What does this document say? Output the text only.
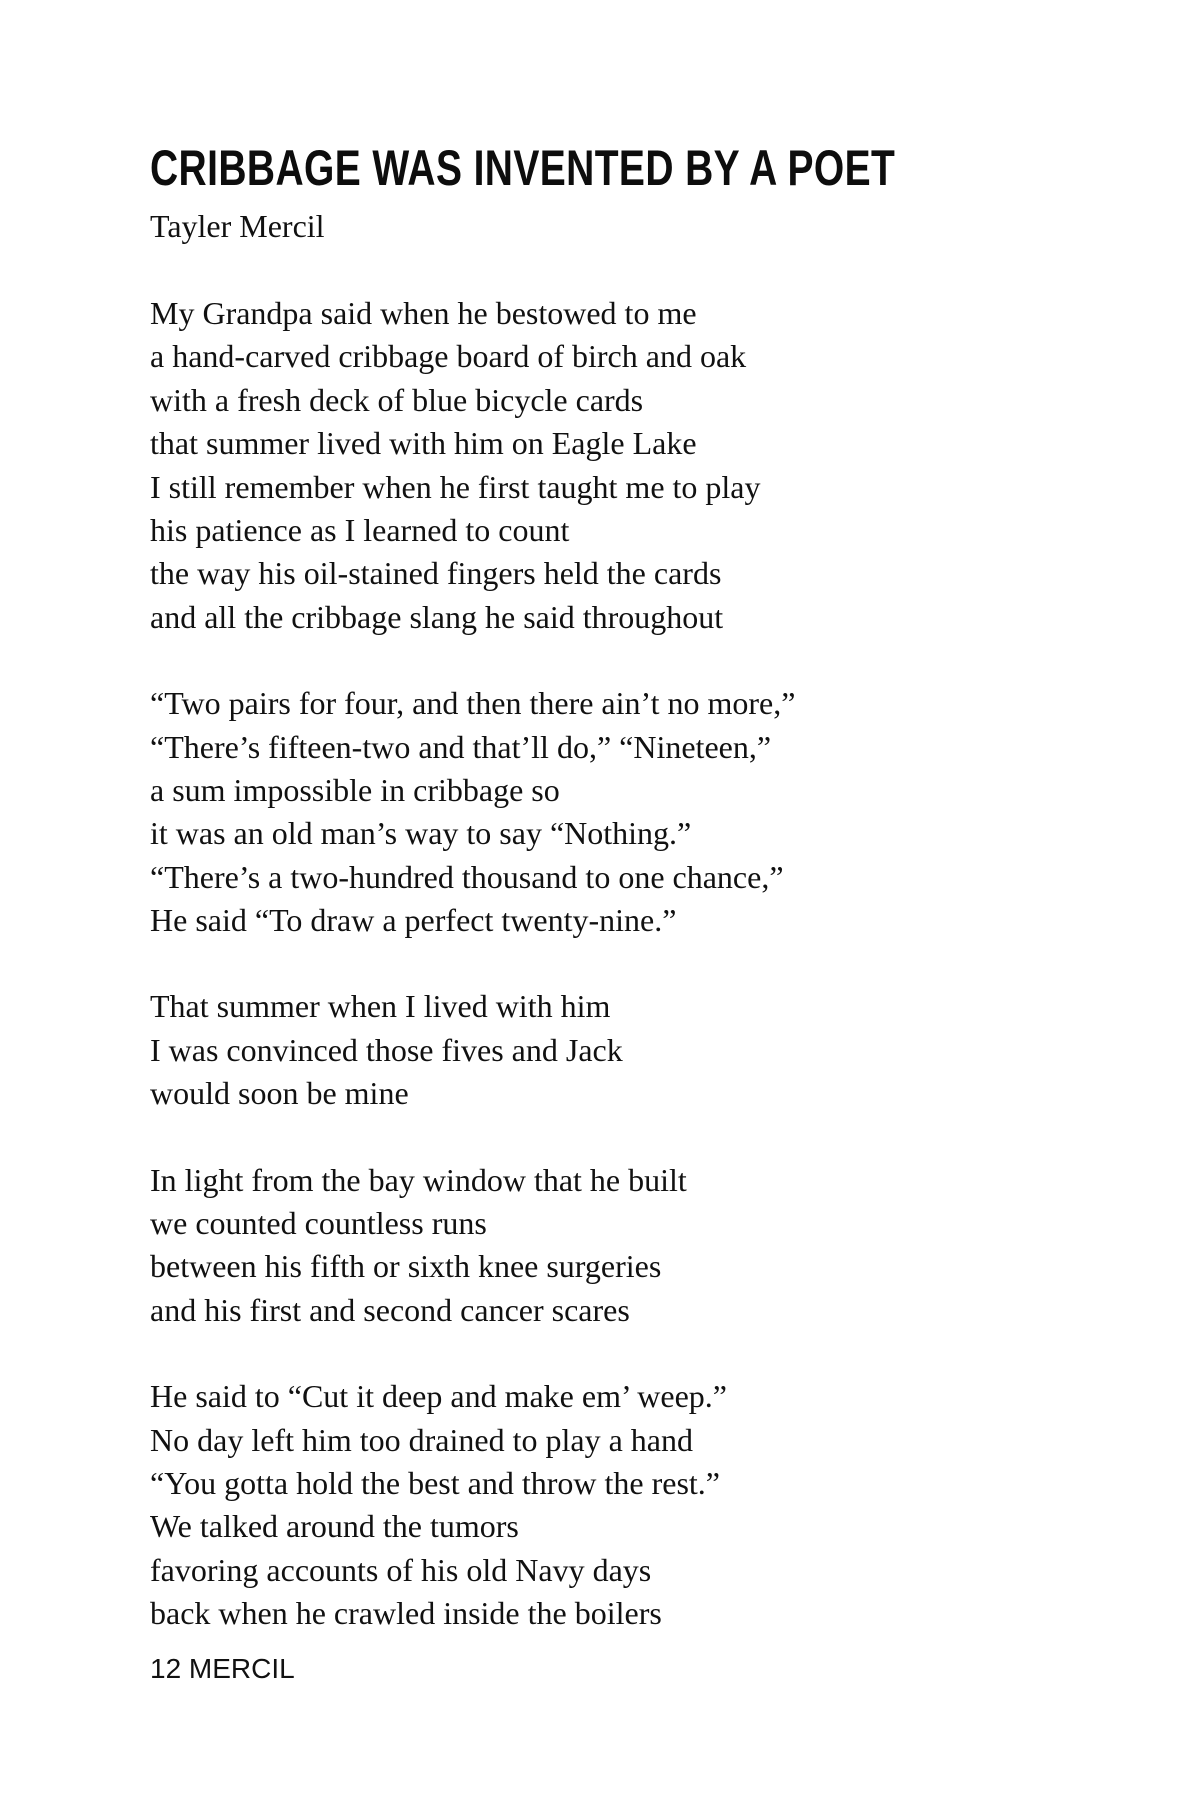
CRIBBAGE WAS INVENTED BY A POET

Tayler Mercil

My Grandpa said when he bestowed to me
a hand-carved cribbage board of birch and oak
with a fresh deck of blue bicycle cards
that summer lived with him on Eagle Lake
I still remember when he first taught me to play
his patience as I learned to count
the way his oil-stained fingers held the cards
and all the cribbage slang he said throughout
“Two pairs for four, and then there ain’t no more,”
“There’s fifteen-two and that’ll do,” “Nineteen,”
a sum impossible in cribbage so
it was an old man’s way to say “Nothing.”
“There’s a two-hundred thousand to one chance,”
He said “To draw a perfect twenty-nine.”
That summer when I lived with him
I was convinced those fives and Jack
would soon be mine
In light from the bay window that he built
we counted countless runs
between his fifth or sixth knee surgeries
and his first and second cancer scares
He said to “Cut it deep and make em’ weep.”
No day left him too drained to play a hand
“You gotta hold the best and throw the rest.”
We talked around the tumors
favoring accounts of his old Navy days
back when he crawled inside the boilers

12 MERCIL
